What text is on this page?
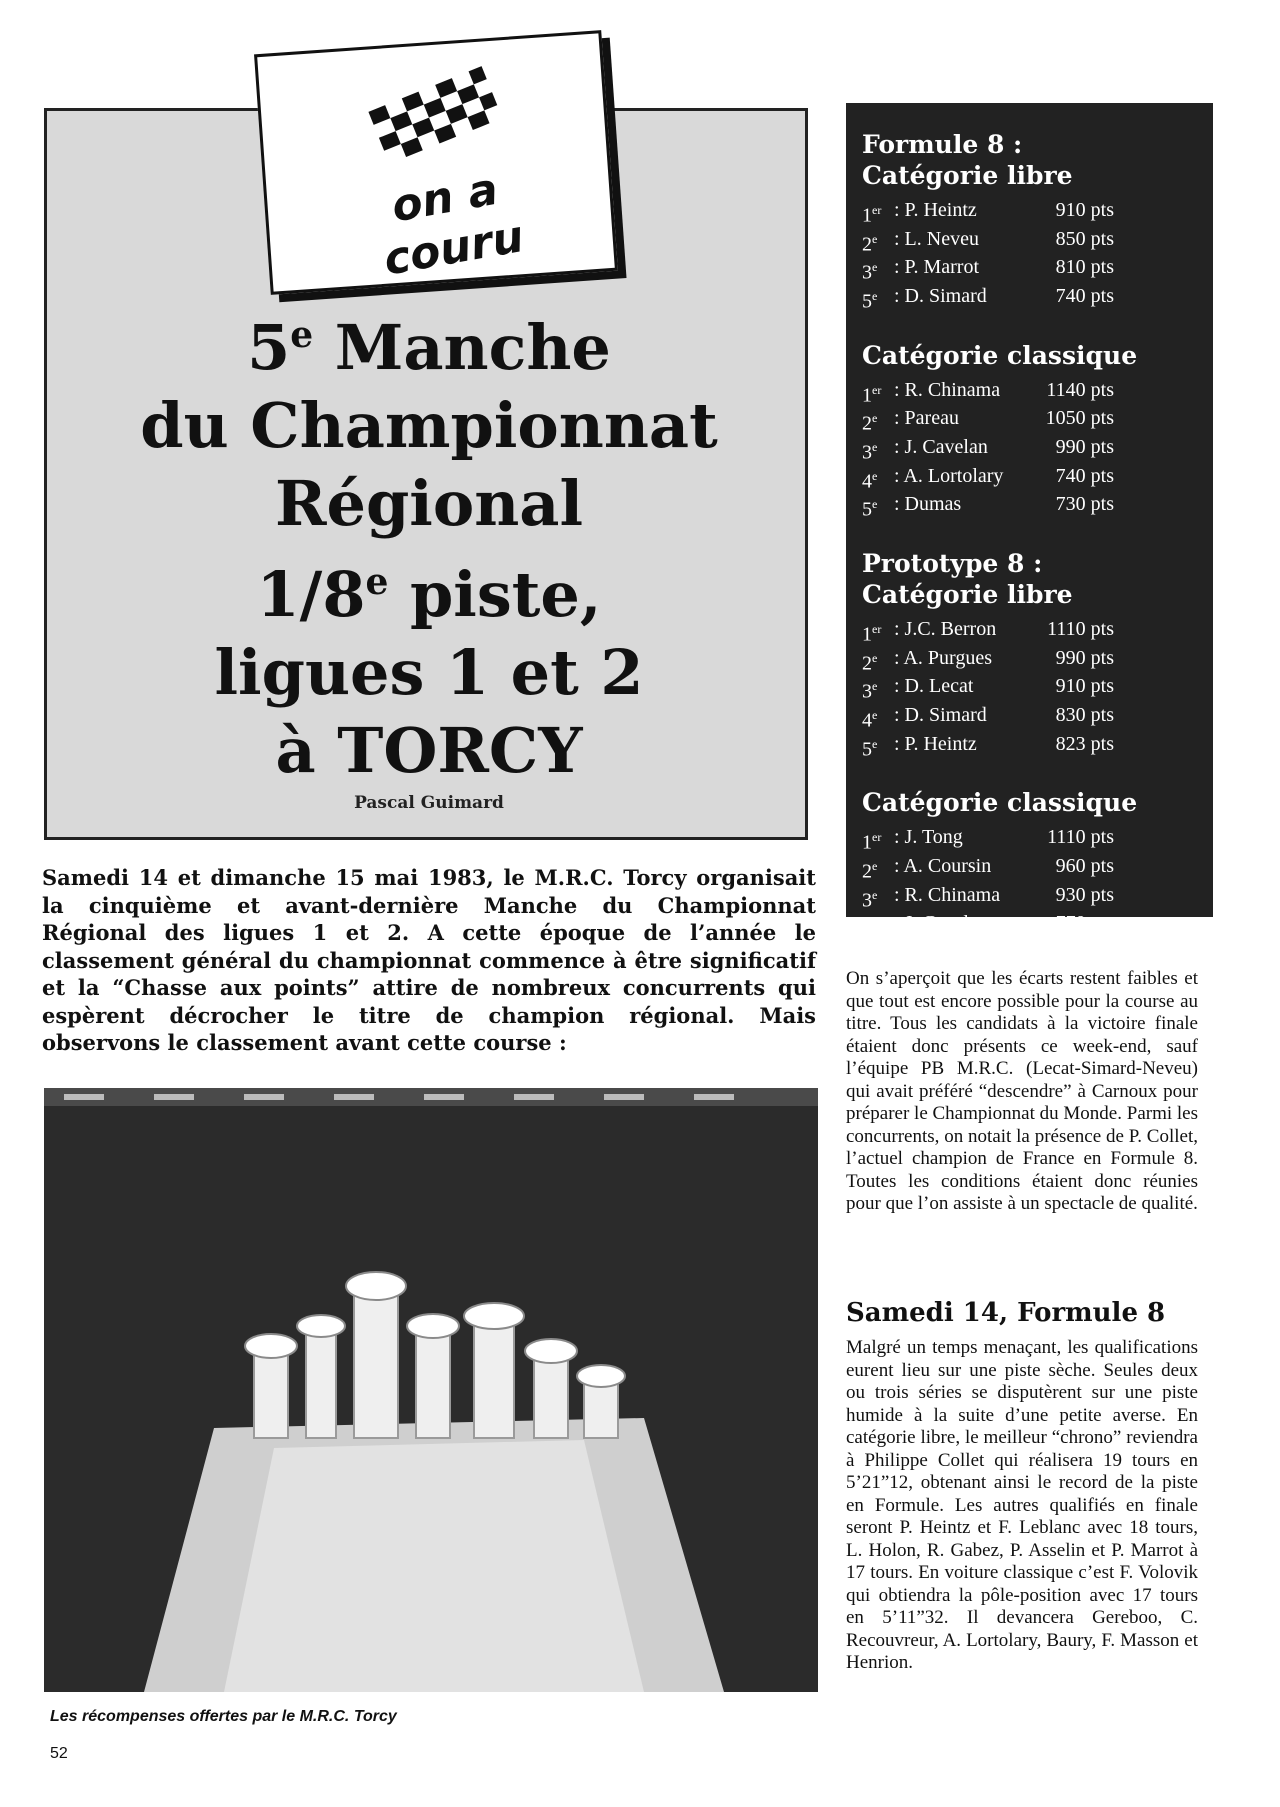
5e Manche
du Championnat
Régional
1/8e piste,
ligues 1 et 2
à TORCY
Pascal Guimard
on a couru
Formule 8 :
Catégorie libre
1er : P. Heintz	910 pts
2e : L. Neveu	850 pts
3e : P. Marrot	810 pts
5e : D. Simard	740 pts
Catégorie classique
1er : R. Chinama	1140 pts
2e : Pareau	1050 pts
3e : J. Cavelan	990 pts
4e : A. Lortolary	740 pts
5e : Dumas	730 pts
Prototype 8 :
Catégorie libre
1er : J.C. Berron	1110 pts
2e : A. Purgues	990 pts
3e : D. Lecat	910 pts
4e : D. Simard	830 pts
5e : P. Heintz	823 pts
Catégorie classique
1er : J. Tong	1110 pts
2e : A. Coursin	960 pts
3e : R. Chinama	930 pts
4e : J. Cavelan	770 pts
5e : P. Duval	740 pts
Samedi 14 et dimanche 15 mai 1983, le M.R.C. Torcy organisait la cinquième et avant-dernière Manche du Championnat Régional des ligues 1 et 2. A cette époque de l’année le classement général du championnat commence à être significatif et la “Chasse aux points” attire de nombreux concurrents qui espèrent décrocher le titre de champion régional. Mais observons le classement avant cette course :
Les récompenses offertes par le M.R.C. Torcy
52
On s’aperçoit que les écarts restent faibles et que tout est encore possible pour la course au titre. Tous les candidats à la victoire finale étaient donc présents ce week-end, sauf l’équipe PB M.R.C. (Lecat-Simard-Neveu) qui avait préféré “descendre” à Carnoux pour préparer le Championnat du Monde. Parmi les concurrents, on notait la présence de P. Collet, l’actuel champion de France en Formule 8. Toutes les conditions étaient donc réunies pour que l’on assiste à un spectacle de qualité.
Samedi 14, Formule 8
Malgré un temps menaçant, les qualifications eurent lieu sur une piste sèche. Seules deux ou trois séries se disputèrent sur une piste humide à la suite d’une petite averse. En catégorie libre, le meilleur “chrono” reviendra à Philippe Collet qui réalisera 19 tours en 5’21”12, obtenant ainsi le record de la piste en Formule. Les autres qualifiés en finale seront P. Heintz et F. Leblanc avec 18 tours, L. Holon, R. Gabez, P. Asselin et P. Marrot à 17 tours. En voiture classique c’est F. Volovik qui obtiendra la pôle-position avec 17 tours en 5’11”32. Il devancera Gereboo, C. Recouvreur, A. Lortolary, Baury, F. Masson et Henrion.
